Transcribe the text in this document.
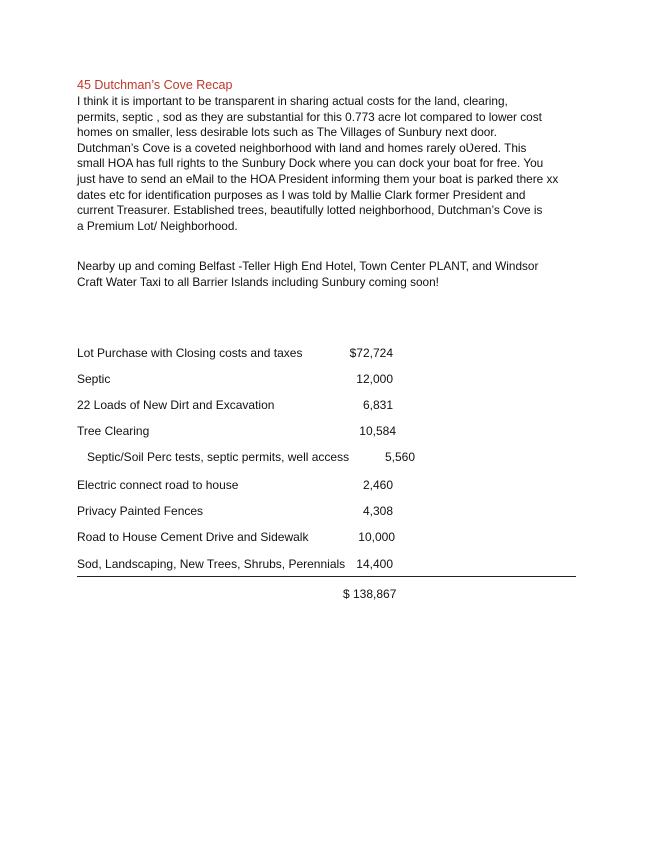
45 Dutchman’s Cove Recap

I think it is important to be transparent in sharing actual costs for the land, clearing,
permits, septic , sod as they are substantial for this 0.773 acre lot compared to lower cost
homes on smaller, less desirable lots such as The Villages of Sunbury next door.
Dutchman’s Cove is a coveted neighborhood with land and homes rarely oƲered. This
small HOA has full rights to the Sunbury Dock where you can dock your boat for free. You
just have to send an eMail to the HOA President informing them your boat is parked there xx
dates etc for identification purposes as I was told by Mallie Clark former President and
current Treasurer. Established trees, beautifully lotted neighborhood, Dutchman’s Cove is
a Premium Lot/ Neighborhood.

Nearby up and coming Belfast -Teller High End Hotel, Town Center PLANT, and Windsor
Craft Water Taxi to all Barrier Islands including Sunbury coming soon!

Lot Purchase with Closing costs and taxes	$72,724
Septic	12,000
22 Loads of New Dirt and Excavation	6,831
Tree Clearing	10,584
Septic/Soil Perc tests, septic permits, well access	5,560
Electric connect road to house	2,460
Privacy Painted Fences	4,308
Road to House Cement Drive and Sidewalk	10,000
Sod, Landscaping, New Trees, Shrubs, Perennials 14,400
$ 138,867
